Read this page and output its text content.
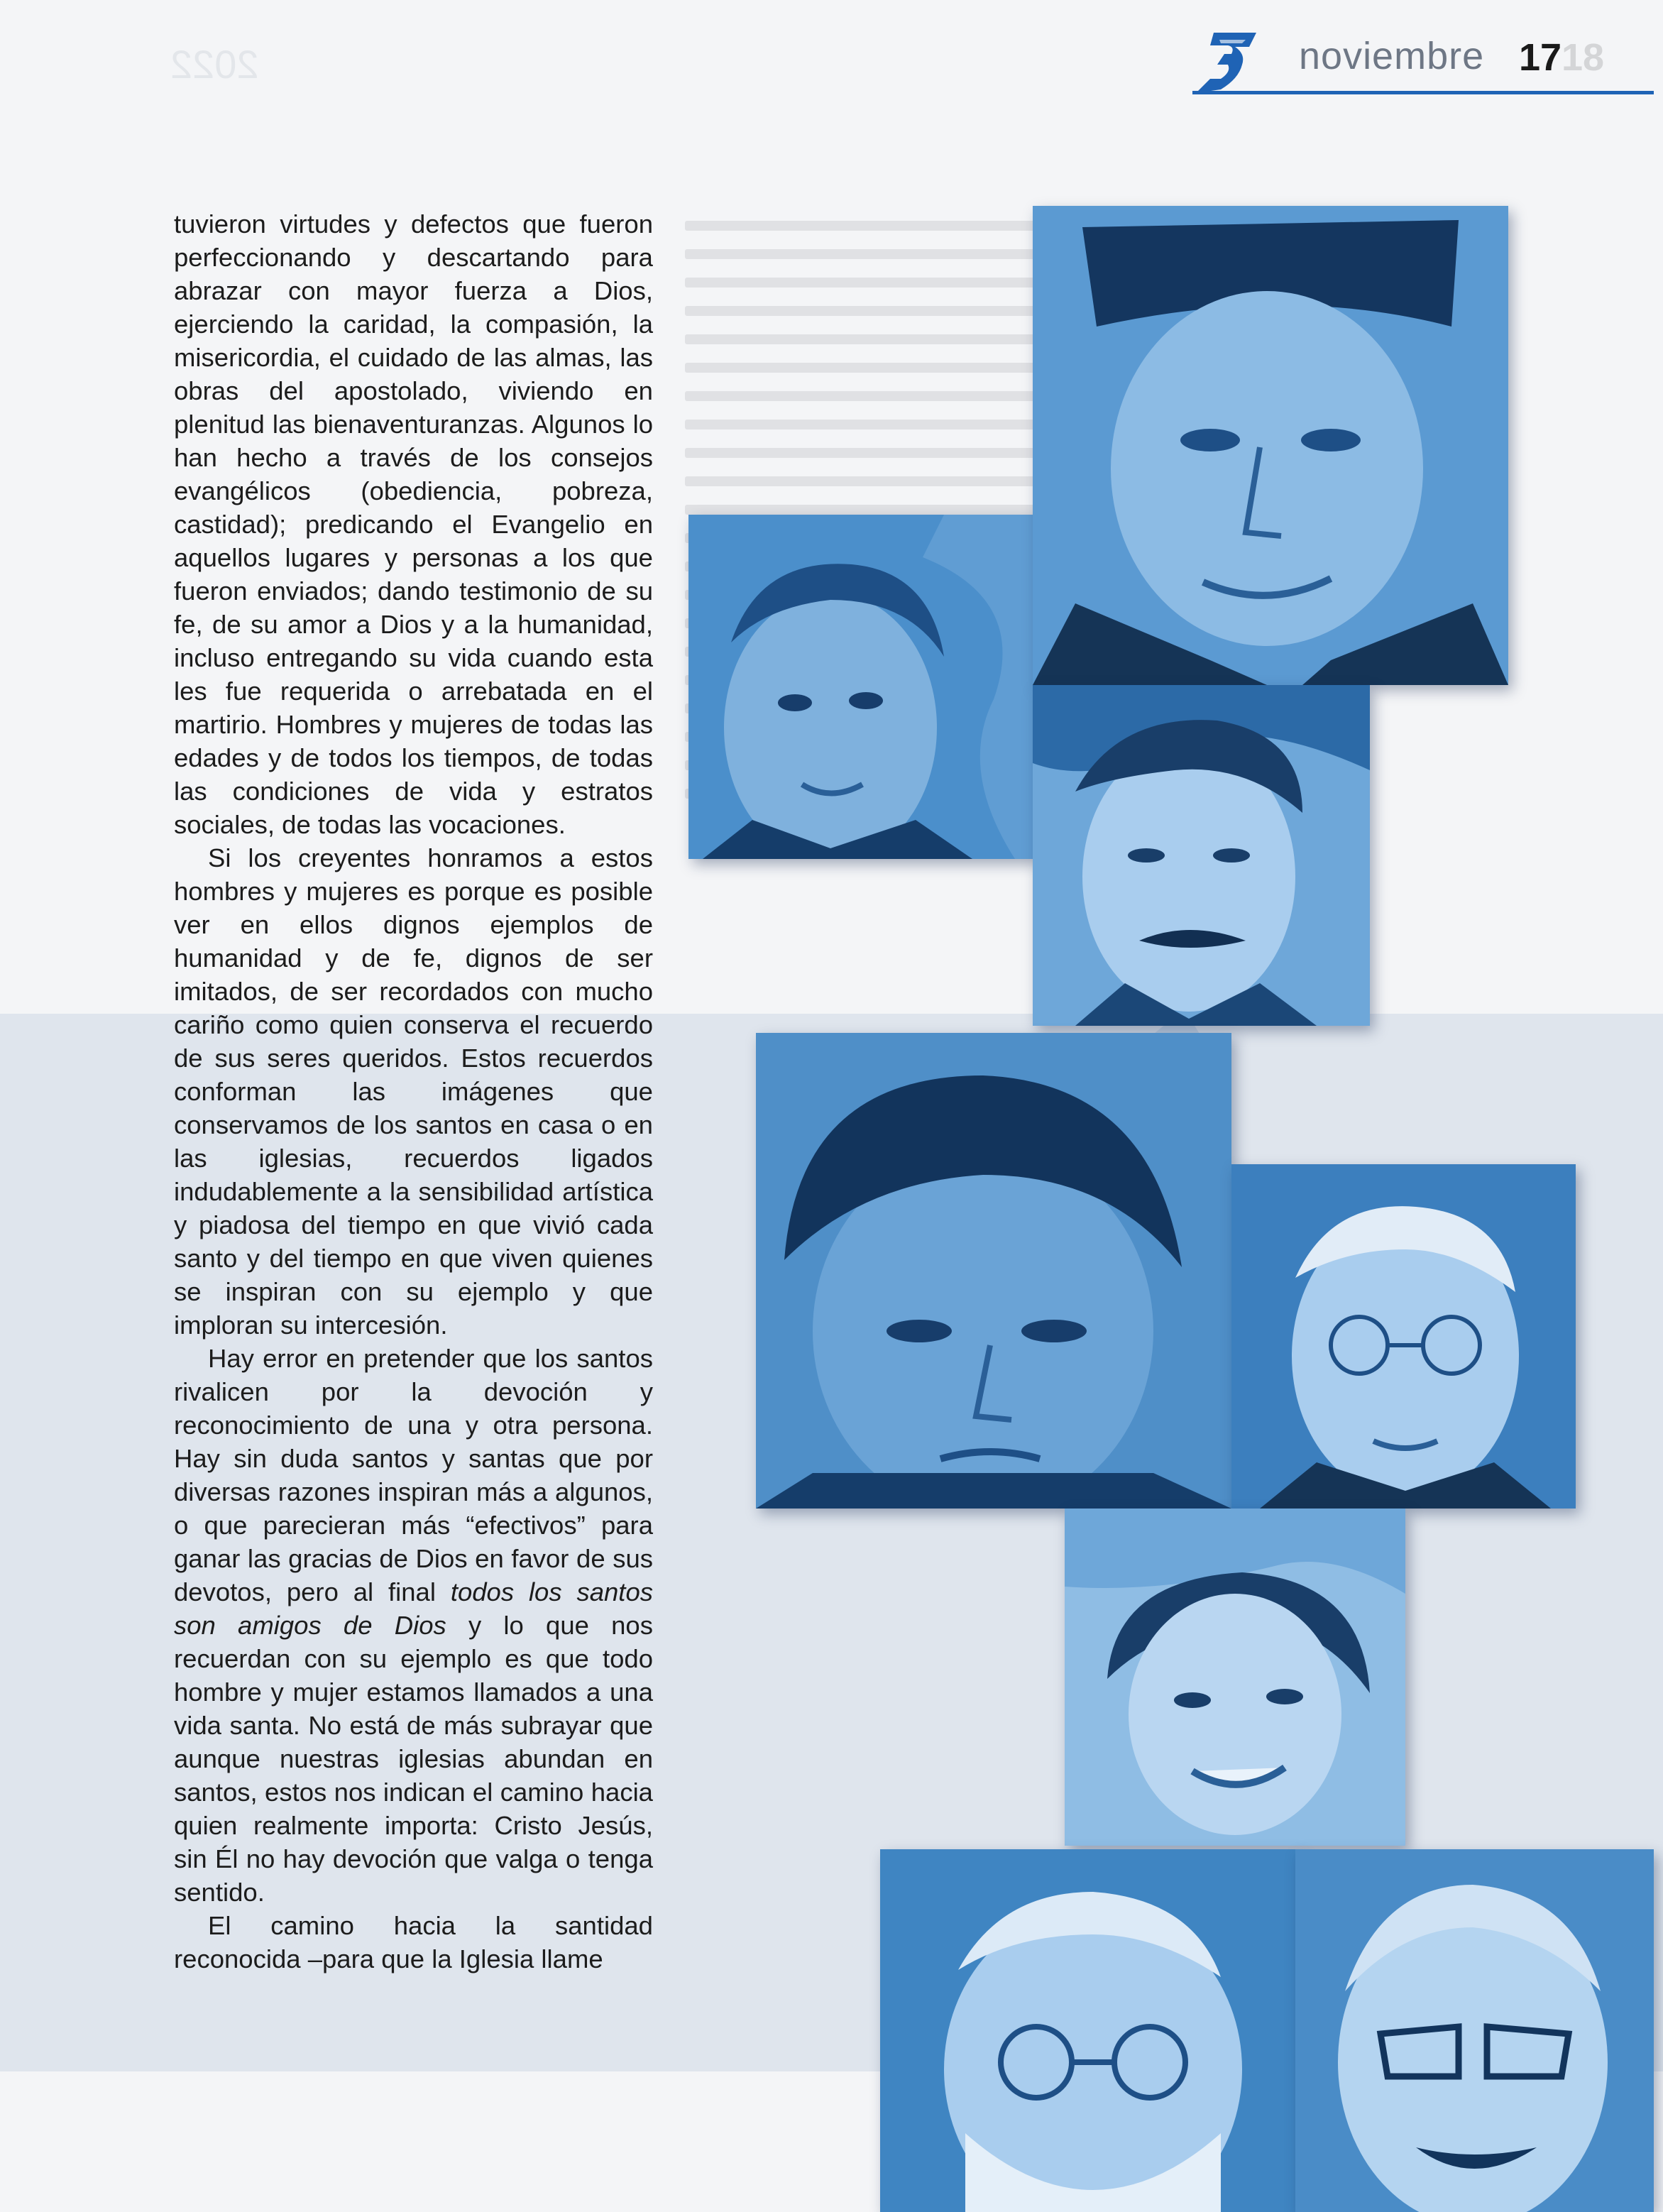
2022	noviembre 17 18

tuvieron virtudes y defectos que fueron perfeccionando y descartando para abrazar con mayor fuerza a Dios, ejerciendo la caridad, la compasión, la misericordia, el cuidado de las almas, las obras del apostolado, viviendo en plenitud las bienaventuranzas. Algunos lo han hecho a través de los consejos evangélicos (obediencia, pobreza, castidad); predicando el Evangelio en aquellos lugares y personas a los que fueron enviados; dando testimonio de su fe, de su amor a Dios y a la humanidad, incluso entregando su vida cuando esta les fue requerida o arrebatada en el martirio. Hombres y mujeres de todas las edades y de todos los tiempos, de todas las condiciones de vida y estratos sociales, de todas las vocaciones.

Si los creyentes honramos a estos hombres y mujeres es porque es posible ver en ellos dignos ejemplos de humanidad y de fe, dignos de ser imitados, de ser recordados con mucho cariño como quien conserva el recuerdo de sus seres queridos. Estos recuerdos conforman las imágenes que conservamos de los santos en casa o en las iglesias, recuerdos ligados indudablemente a la sensibilidad artística y piadosa del tiempo en que vivió cada santo y del tiempo en que viven quienes se inspiran con su ejemplo y que imploran su intercesión.

Hay error en pretender que los santos rivalicen por la devoción y reconocimiento de una y otra persona. Hay sin duda santos y santas que por diversas razones inspiran más a algunos, o que parecieran más “efectivos” para ganar las gracias de Dios en favor de sus devotos, pero al final todos los santos son amigos de Dios y lo que nos recuerdan con su ejemplo es que todo hombre y mujer estamos llamados a una vida santa. No está de más subrayar que aunque nuestras iglesias abundan en santos, estos nos indican el camino hacia quien realmente importa: Cristo Jesús, sin Él no hay devoción que valga o tenga sentido.

El camino hacia la santidad reconocida –para que la Iglesia llame
